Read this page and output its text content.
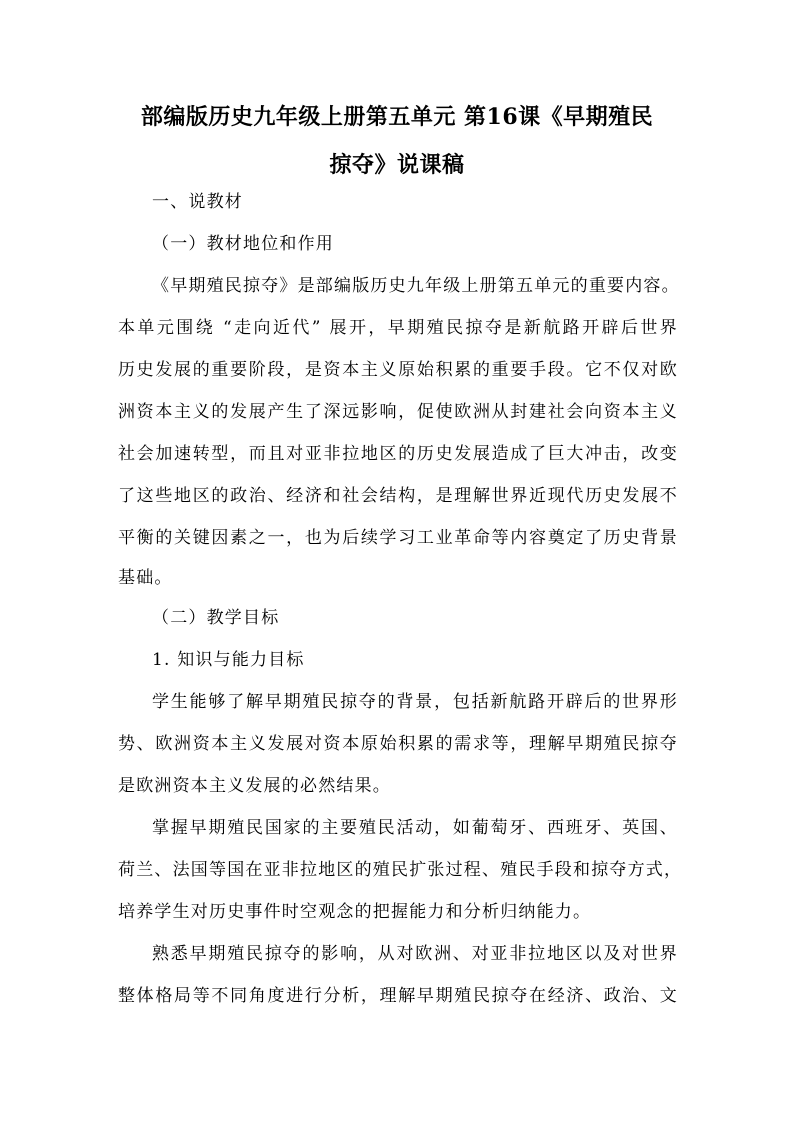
部编版历史九年级上册第五单元 第16课《早期殖民
掠夺》说课稿
一、说教材
（一）教材地位和作用
《早期殖民掠夺》是部编版历史九年级上册第五单元的重要内容。
本单元围绕 “走向近代” 展开，早期殖民掠夺是新航路开辟后世界
历史发展的重要阶段，是资本主义原始积累的重要手段。它不仅对欧
洲资本主义的发展产生了深远影响，促使欧洲从封建社会向资本主义
社会加速转型，而且对亚非拉地区的历史发展造成了巨大冲击，改变
了这些地区的政治、经济和社会结构，是理解世界近现代历史发展不
平衡的关键因素之一，也为后续学习工业革命等内容奠定了历史背景
基础。
（二）教学目标
1. 知识与能力目标
学生能够了解早期殖民掠夺的背景，包括新航路开辟后的世界形
势、欧洲资本主义发展对资本原始积累的需求等，理解早期殖民掠夺
是欧洲资本主义发展的必然结果。
掌握早期殖民国家的主要殖民活动，如葡萄牙、西班牙、英国、
荷兰、法国等国在亚非拉地区的殖民扩张过程、殖民手段和掠夺方式，
培养学生对历史事件时空观念的把握能力和分析归纳能力。
熟悉早期殖民掠夺的影响，从对欧洲、对亚非拉地区以及对世界
整体格局等不同角度进行分析，理解早期殖民掠夺在经济、政治、文
